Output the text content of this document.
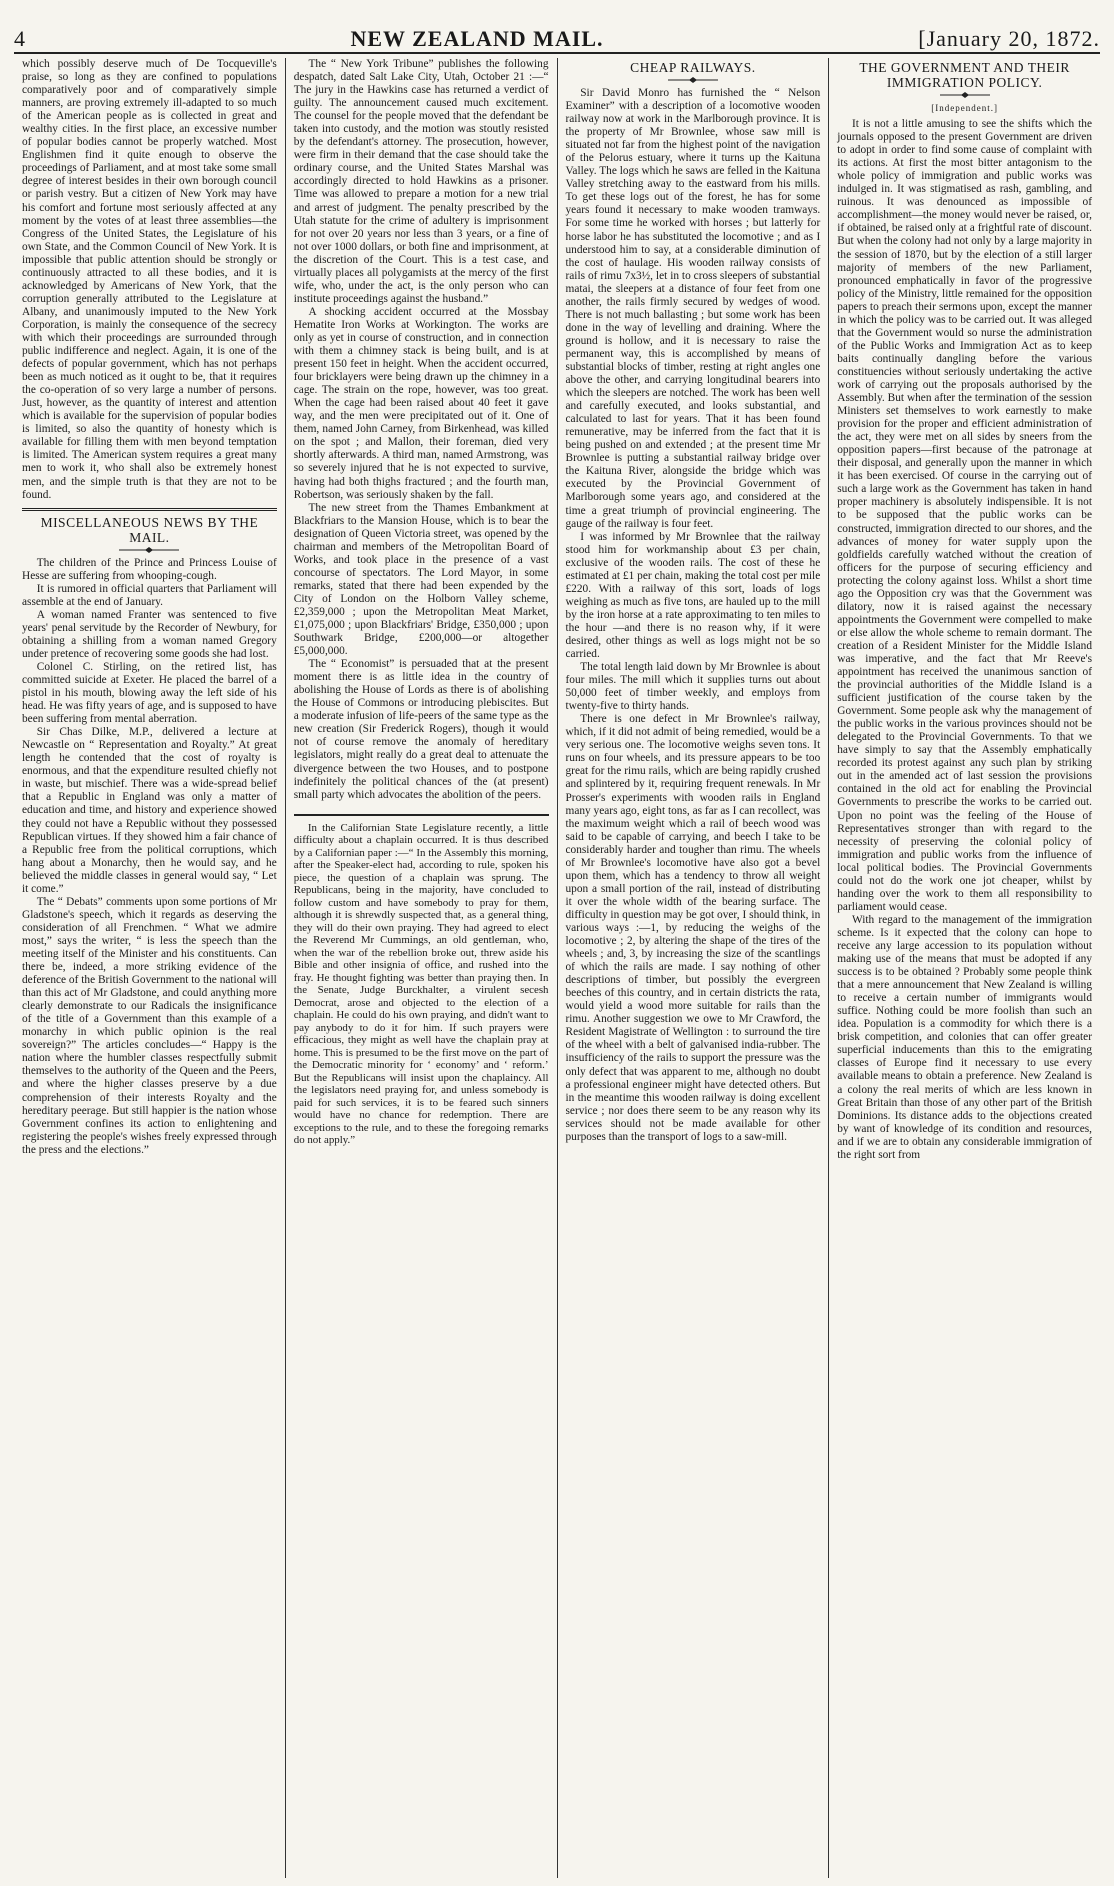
4	NEW ZEALAND MAIL.	[January 20, 1872.

which possibly deserve much of De Tocqueville's praise, so long as they are confined to populations comparatively poor and of comparatively simple manners, are proving extremely ill-adapted to so much of the American people as is collected in great and wealthy cities. In the first place, an excessive number of popular bodies cannot be properly watched. Most Englishmen find it quite enough to observe the proceedings of Parliament, and at most take some small degree of interest besides in their own borough council or parish vestry. But a citizen of New York may have his comfort and fortune most seriously affected at any moment by the votes of at least three assemblies—the Congress of the United States, the Legislature of his own State, and the Common Council of New York. It is impossible that public attention should be strongly or continuously attracted to all these bodies, and it is acknowledged by Americans of New York, that the corruption generally attributed to the Legislature at Albany, and unanimously imputed to the New York Corporation, is mainly the consequence of the secrecy with which their proceedings are surrounded through public indifference and neglect. Again, it is one of the defects of popular government, which has not perhaps been as much noticed as it ought to be, that it requires the co-operation of so very large a number of persons. Just, however, as the quantity of interest and attention which is available for the supervision of popular bodies is limited, so also the quantity of honesty which is available for filling them with men beyond temptation is limited. The American system requires a great many men to work it, who shall also be extremely honest men, and the simple truth is that they are not to be found.

MISCELLANEOUS NEWS BY THE MAIL.

The children of the Prince and Princess Louise of Hesse are suffering from whooping-cough.

It is rumored in official quarters that Parliament will assemble at the end of January.

A woman named Franter was sentenced to five years' penal servitude by the Recorder of Newbury, for obtaining a shilling from a woman named Gregory under pretence of recovering some goods she had lost.

Colonel C. Stirling, on the retired list, has committed suicide at Exeter. He placed the barrel of a pistol in his mouth, blowing away the left side of his head. He was fifty years of age, and is supposed to have been suffering from mental aberration.

Sir Chas Dilke, M.P., delivered a lecture at Newcastle on “ Representation and Royalty.” At great length he contended that the cost of royalty is enormous, and that the expenditure resulted chiefly not in waste, but mischief. There was a wide-spread belief that a Republic in England was only a matter of education and time, and history and experience showed they could not have a Republic without they possessed Republican virtues. If they showed him a fair chance of a Republic free from the political corruptions, which hang about a Monarchy, then he would say, and he believed the middle classes in general would say, “ Let it come.”

The “ Debats” comments upon some portions of Mr Gladstone's speech, which it regards as deserving the consideration of all Frenchmen. “ What we admire most,” says the writer, “ is less the speech than the meeting itself of the Minister and his constituents. Can there be, indeed, a more striking evidence of the deference of the British Government to the national will than this act of Mr Gladstone, and could anything more clearly demonstrate to our Radicals the insignificance of the title of a Government than this example of a monarchy in which public opinion is the real sovereign?” The articles concludes—“ Happy is the nation where the humbler classes respectfully submit themselves to the authority of the Queen and the Peers, and where the higher classes preserve by a due comprehension of their interests Royalty and the hereditary peerage. But still happier is the nation whose Government confines its action to enlightening and registering the people's wishes freely expressed through the press and the elections.”

The “ New York Tribune” publishes the following despatch, dated Salt Lake City, Utah, October 21 :—“ The jury in the Hawkins case has returned a verdict of guilty. The announcement caused much excitement. The counsel for the people moved that the defendant be taken into custody, and the motion was stoutly resisted by the defendant's attorney. The prosecution, however, were firm in their demand that the case should take the ordinary course, and the United States Marshal was accordingly directed to hold Hawkins as a prisoner. Time was allowed to prepare a motion for a new trial and arrest of judgment. The penalty prescribed by the Utah statute for the crime of adultery is imprisonment for not over 20 years nor less than 3 years, or a fine of not over 1000 dollars, or both fine and imprisonment, at the discretion of the Court. This is a test case, and virtually places all polygamists at the mercy of the first wife, who, under the act, is the only person who can institute proceedings against the husband.”

A shocking accident occurred at the Mossbay Hematite Iron Works at Workington. The works are only as yet in course of construction, and in connection with them a chimney stack is being built, and is at present 150 feet in height. When the accident occurred, four bricklayers were being drawn up the chimney in a cage. The strain on the rope, however, was too great. When the cage had been raised about 40 feet it gave way, and the men were precipitated out of it. One of them, named John Carney, from Birkenhead, was killed on the spot ; and Mallon, their foreman, died very shortly afterwards. A third man, named Armstrong, was so severely injured that he is not expected to survive, having had both thighs fractured ; and the fourth man, Robertson, was seriously shaken by the fall.

The new street from the Thames Embankment at Blackfriars to the Mansion House, which is to bear the designation of Queen Victoria street, was opened by the chairman and members of the Metropolitan Board of Works, and took place in the presence of a vast concourse of spectators. The Lord Mayor, in some remarks, stated that there had been expended by the City of London on the Holborn Valley scheme, £2,359,000 ; upon the Metropolitan Meat Market, £1,075,000 ; upon Blackfriars' Bridge, £350,000 ; upon Southwark Bridge, £200,000—or altogether £5,000,000.

The “ Economist” is persuaded that at the present moment there is as little idea in the country of abolishing the House of Lords as there is of abolishing the House of Commons or introducing plebiscites. But a moderate infusion of life-peers of the same type as the new creation (Sir Frederick Rogers), though it would not of course remove the anomaly of hereditary legislators, might really do a great deal to attenuate the divergence between the two Houses, and to postpone indefinitely the political chances of the (at present) small party which advocates the abolition of the peers.

In the Californian State Legislature recently, a little difficulty about a chaplain occurred. It is thus described by a Californian paper :—“ In the Assembly this morning, after the Speaker-elect had, according to rule, spoken his piece, the question of a chaplain was sprung. The Republicans, being in the majority, have concluded to follow custom and have somebody to pray for them, although it is shrewdly suspected that, as a general thing, they will do their own praying. They had agreed to elect the Reverend Mr Cummings, an old gentleman, who, when the war of the rebellion broke out, threw aside his Bible and other insignia of office, and rushed into the fray. He thought fighting was better than praying then. In the Senate, Judge Burckhalter, a virulent secesh Democrat, arose and objected to the election of a chaplain. He could do his own praying, and didn't want to pay anybody to do it for him. If such prayers were efficacious, they might as well have the chaplain pray at home. This is presumed to be the first move on the part of the Democratic minority for ‘ economy’ and ‘ reform.’ But the Republicans will insist upon the chaplaincy. All the legislators need praying for, and unless somebody is paid for such services, it is to be feared such sinners would have no chance for redemption. There are exceptions to the rule, and to these the foregoing remarks do not apply.”

CHEAP RAILWAYS.

Sir David Monro has furnished the “ Nelson Examiner” with a description of a locomotive wooden railway now at work in the Marlborough province. It is the property of Mr Brownlee, whose saw mill is situated not far from the highest point of the navigation of the Pelorus estuary, where it turns up the Kaituna Valley. The logs which he saws are felled in the Kaituna Valley stretching away to the eastward from his mills. To get these logs out of the forest, he has for some years found it necessary to make wooden tramways. For some time he worked with horses ; but latterly for horse labor he has substituted the locomotive ; and as I understood him to say, at a considerable diminution of the cost of haulage. His wooden railway consists of rails of rimu 7x3½, let in to cross sleepers of substantial matai, the sleepers at a distance of four feet from one another, the rails firmly secured by wedges of wood. There is not much ballasting ; but some work has been done in the way of levelling and draining. Where the ground is hollow, and it is necessary to raise the permanent way, this is accomplished by means of substantial blocks of timber, resting at right angles one above the other, and carrying longitudinal bearers into which the sleepers are notched. The work has been well and carefully executed, and looks substantial, and calculated to last for years. That it has been found remunerative, may be inferred from the fact that it is being pushed on and extended ; at the present time Mr Brownlee is putting a substantial railway bridge over the Kaituna River, alongside the bridge which was executed by the Provincial Government of Marlborough some years ago, and considered at the time a great triumph of provincial engineering. The gauge of the railway is four feet.

I was informed by Mr Brownlee that the railway stood him for workmanship about £3 per chain, exclusive of the wooden rails. The cost of these he estimated at £1 per chain, making the total cost per mile £220. With a railway of this sort, loads of logs weighing as much as five tons, are hauled up to the mill by the iron horse at a rate approximating to ten miles to the hour —and there is no reason why, if it were desired, other things as well as logs might not be so carried.

The total length laid down by Mr Brownlee is about four miles. The mill which it supplies turns out about 50,000 feet of timber weekly, and employs from twenty-five to thirty hands.

There is one defect in Mr Brownlee's railway, which, if it did not admit of being remedied, would be a very serious one. The locomotive weighs seven tons. It runs on four wheels, and its pressure appears to be too great for the rimu rails, which are being rapidly crushed and splintered by it, requiring frequent renewals. In Mr Prosser's experiments with wooden rails in England many years ago, eight tons, as far as I can recollect, was the maximum weight which a rail of beech wood was said to be capable of carrying, and beech I take to be considerably harder and tougher than rimu. The wheels of Mr Brownlee's locomotive have also got a bevel upon them, which has a tendency to throw all weight upon a small portion of the rail, instead of distributing it over the whole width of the bearing surface. The difficulty in question may be got over, I should think, in various ways :—1, by reducing the weighs of the locomotive ; 2, by altering the shape of the tires of the wheels ; and, 3, by increasing the size of the scantlings of which the rails are made. I say nothing of other descriptions of timber, but possibly the evergreen beeches of this country, and in certain districts the rata, would yield a wood more suitable for rails than the rimu. Another suggestion we owe to Mr Crawford, the Resident Magistrate of Wellington : to surround the tire of the wheel with a belt of galvanised india-rubber. The insufficiency of the rails to support the pressure was the only defect that was apparent to me, although no doubt a professional engineer might have detected others. But in the meantime this wooden railway is doing excellent service ; nor does there seem to be any reason why its services should not be made available for other purposes than the transport of logs to a saw-mill.

THE GOVERNMENT AND THEIR IMMIGRATION POLICY.
[Independent.]

It is not a little amusing to see the shifts which the journals opposed to the present Government are driven to adopt in order to find some cause of complaint with its actions. At first the most bitter antagonism to the whole policy of immigration and public works was indulged in. It was stigmatised as rash, gambling, and ruinous. It was denounced as impossible of accomplishment—the money would never be raised, or, if obtained, be raised only at a frightful rate of discount. But when the colony had not only by a large majority in the session of 1870, but by the election of a still larger majority of members of the new Parliament, pronounced emphatically in favor of the progressive policy of the Ministry, little remained for the opposition papers to preach their sermons upon, except the manner in which the policy was to be carried out. It was alleged that the Government would so nurse the administration of the Public Works and Immigration Act as to keep baits continually dangling before the various constituencies without seriously undertaking the active work of carrying out the proposals authorised by the Assembly. But when after the termination of the session Ministers set themselves to work earnestly to make provision for the proper and efficient administration of the act, they were met on all sides by sneers from the opposition papers—first because of the patronage at their disposal, and generally upon the manner in which it has been exercised. Of course in the carrying out of such a large work as the Government has taken in hand proper machinery is absolutely indispensible. It is not to be supposed that the public works can be constructed, immigration directed to our shores, and the advances of money for water supply upon the goldfields carefully watched without the creation of officers for the purpose of securing efficiency and protecting the colony against loss. Whilst a short time ago the Opposition cry was that the Government was dilatory, now it is raised against the necessary appointments the Government were compelled to make or else allow the whole scheme to remain dormant. The creation of a Resident Minister for the Middle Island was imperative, and the fact that Mr Reeve's appointment has received the unanimous sanction of the provincial authorities of the Middle Island is a sufficient justification of the course taken by the Government. Some people ask why the management of the public works in the various provinces should not be delegated to the Provincial Governments. To that we have simply to say that the Assembly emphatically recorded its protest against any such plan by striking out in the amended act of last session the provisions contained in the old act for enabling the Provincial Governments to prescribe the works to be carried out. Upon no point was the feeling of the House of Representatives stronger than with regard to the necessity of preserving the colonial policy of immigration and public works from the influence of local political bodies. The Provincial Governments could not do the work one jot cheaper, whilst by handing over the work to them all responsibility to parliament would cease.

With regard to the management of the immigration scheme. Is it expected that the colony can hope to receive any large accession to its population without making use of the means that must be adopted if any success is to be obtained ? Probably some people think that a mere announcement that New Zealand is willing to receive a certain number of immigrants would suffice. Nothing could be more foolish than such an idea. Population is a commodity for which there is a brisk competition, and colonies that can offer greater superficial inducements than this to the emigrating classes of Europe find it necessary to use every available means to obtain a preference. New Zealand is a colony the real merits of which are less known in Great Britain than those of any other part of the British Dominions. Its distance adds to the objections created by want of knowledge of its condition and resources, and if we are to obtain any considerable immigration of the right sort from
